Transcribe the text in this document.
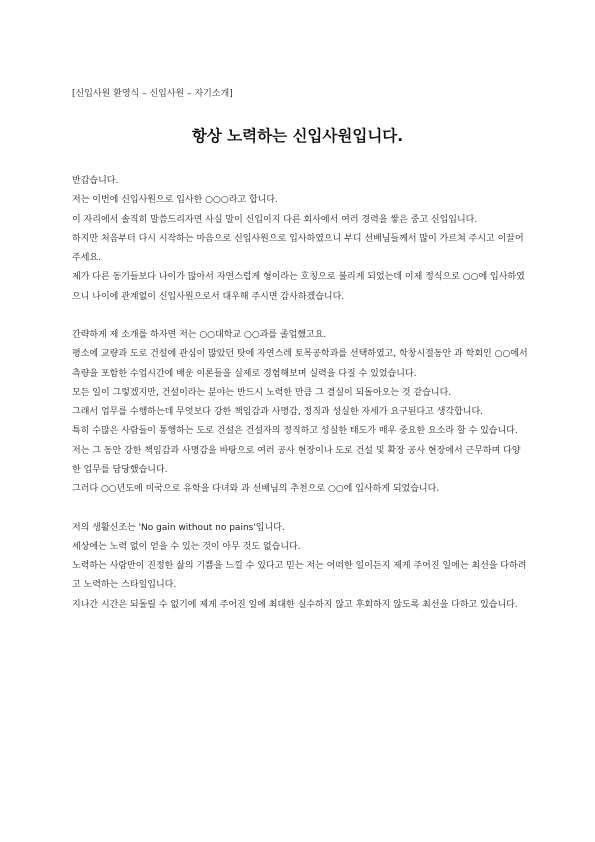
[신입사원 환영식 – 신입사원 – 자기소개]
항상 노력하는 신입사원입니다.

반갑습니다.

저는 이번에 신입사원으로 입사한 ○○○라고 합니다.

이 자리에서 솔직히 말씀드리자면 사실 말이 신입이지 다른 회사에서 여러 경력을 쌓은 중고 신입입니다.

하지만 처음부터 다시 시작하는 마음으로 신입사원으로 입사하였으니 부디 선배님들께서 많이 가르쳐 주시고 이끌어 주세요.

제가 다른 동기들보다 나이가 많아서 자연스럽게 형이라는 호칭으로 불리게 되었는데 이제 정식으로 ○○에 입사하였으니 나이에 관계없이 신입사원으로서 대우해 주시면 감사하겠습니다.

간략하게 제 소개를 하자면 저는 ○○대학교 ○○과를 졸업했고요.

평소에 교량과 도로 건설에 관심이 많았던 탓에 자연스레 토목공학과를 선택하였고, 학창시절동안 과 학회인 ○○에서 측량을 포함한 수업시간에 배운 이론들을 실제로 경험해보며 실력을 다질 수 있었습니다.

모든 일이 그렇겠지만, 건설이라는 분야는 반드시 노력한 만큼 그 결실이 되돌아오는 것 같습니다.

그래서 업무를 수행하는데 무엇보다 강한 책임감과 사명감, 정직과 성실한 자세가 요구된다고 생각합니다.

특히 수많은 사람들이 통행하는 도로 건설은 건설자의 정직하고 성실한 태도가 매우 중요한 요소라 할 수 있습니다.

저는 그 동안 강한 책임감과 사명감을 바탕으로 여러 공사 현장이나 도로 건설 및 확장 공사 현장에서 근무하며 다양한 업무를 담당했습니다.

그러다 ○○년도에 미국으로 유학을 다녀와 과 선배님의 추천으로 ○○에 입사하게 되었습니다.

저의 생활신조는 'No gain without no pains'입니다.

세상에는 노력 없이 얻을 수 있는 것이 아무 것도 없습니다.

노력하는 사람만이 진정한 삶의 기쁨을 느낄 수 있다고 믿는 저는 어떠한 일이든지 제게 주어진 일에는 최선을 다하려고 노력하는 스타일입니다.

지나간 시간은 되돌릴 수 없기에 제게 주어진 일에 최대한 실수하지 않고 후회하지 않도록 최선을 다하고 있습니다.
